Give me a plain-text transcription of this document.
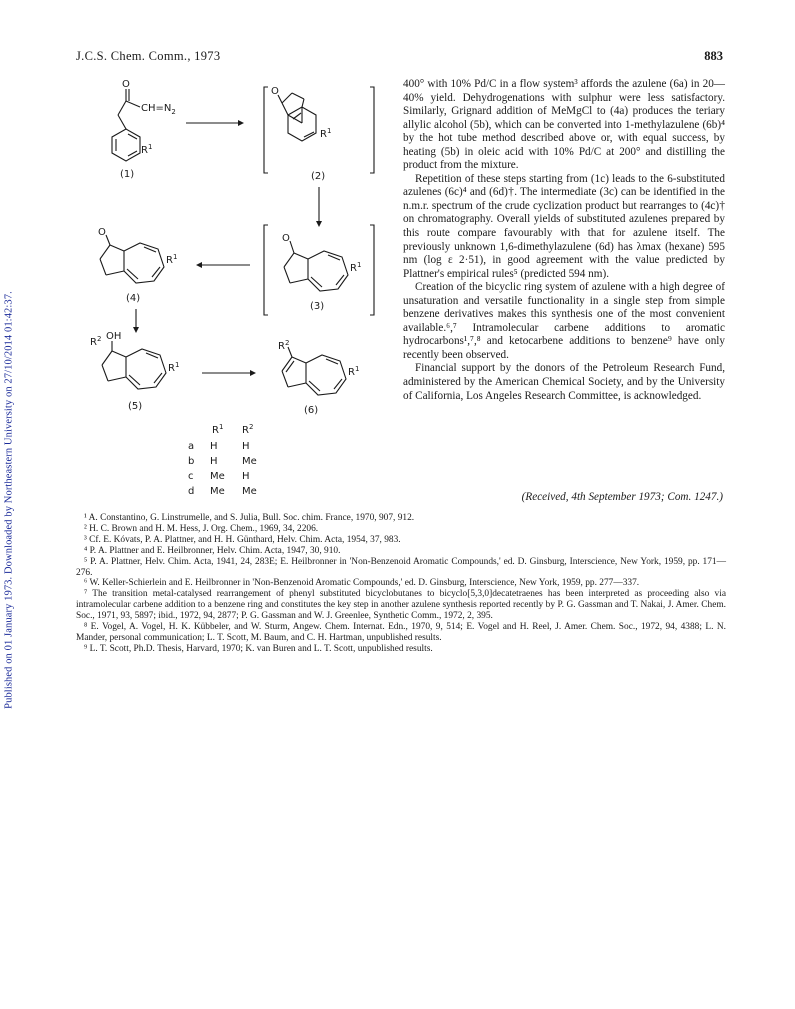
Published on 01 January 1973. Downloaded by Northeastern University on 27/10/2014 01:42:37.
J.C.S. Chem. Comm., 1973	883
O
$CH=N_2$
$R^1$
(1)
O
$R^1$
(2)
O
$R^1$
(3)
O
$R^1$
(4)
$R^2$ OH
$R^1$
(5)
$R^2$
$R^1$
(6)
$R^1$ $R^2$
a H H
b H Me
c Me H
d Me Me

400° with 10% Pd/C in a flow system³ affords the azulene (6a) in 20—40% yield. Dehydrogenations with sulphur were less satisfactory. Similarly, Grignard addition of MeMgCl to (4a) produces the teriary allylic alcohol (5b), which can be converted into 1-methylazulene (6b)⁴ by the hot tube method described above or, with equal success, by heating (5b) in oleic acid with 10% Pd/C at 200° and distilling the product from the mixture.

Repetition of these steps starting from (1c) leads to the 6-substituted azulenes (6c)⁴ and (6d)†. The intermediate (3c) can be identified in the n.m.r. spectrum of the crude cyclization product but rearranges to (4c)† on chromatography. Overall yields of substituted azulenes prepared by this route compare favourably with that for azulene itself. The previously unknown 1,6-dimethylazulene (6d) has λmax (hexane) 595 nm (log ε 2·51), in good agreement with the value predicted by Plattner's empirical rules⁵ (predicted 594 nm).

Creation of the bicyclic ring system of azulene with a high degree of unsaturation and versatile functionality in a single step from simple benzene derivatives makes this synthesis one of the most convenient available.⁶,⁷ Intramolecular carbene additions to aromatic hydrocarbons¹,⁷,⁸ and ketocarbene additions to benzene⁹ have only recently been observed.

Financial support by the donors of the Petroleum Research Fund, administered by the American Chemical Society, and by the University of California, Los Angeles Research Committee, is acknowledged.

(Received, 4th September 1973; Com. 1247.)

¹ A. Constantino, G. Linstrumelle, and S. Julia, Bull. Soc. chim. France, 1970, 907, 912.

² H. C. Brown and H. M. Hess, J. Org. Chem., 1969, 34, 2206.

³ Cf. E. Kóvats, P. A. Plattner, and H. H. Günthard, Helv. Chim. Acta, 1954, 37, 983.

⁴ P. A. Plattner and E. Heilbronner, Helv. Chim. Acta, 1947, 30, 910.

⁵ P. A. Plattner, Helv. Chim. Acta, 1941, 24, 283E; E. Heilbronner in 'Non-Benzenoid Aromatic Compounds,' ed. D. Ginsburg, Interscience, New York, 1959, pp. 171—276.

⁶ W. Keller-Schierlein and E. Heilbronner in 'Non-Benzenoid Aromatic Compounds,' ed. D. Ginsburg, Interscience, New York, 1959, pp. 277—337.

⁷ The transition metal-catalysed rearrangement of phenyl substituted bicyclobutanes to bicyclo[5,3,0]decatetraenes has been interpreted as proceeding also via intramolecular carbene addition to a benzene ring and constitutes the key step in another azulene synthesis reported recently by P. G. Gassman and T. Nakai, J. Amer. Chem. Soc., 1971, 93, 5897; ibid., 1972, 94, 2877; P. G. Gassman and W. J. Greenlee, Synthetic Comm., 1972, 2, 395.

⁸ E. Vogel, A. Vogel, H. K. Kübbeler, and W. Sturm, Angew. Chem. Internat. Edn., 1970, 9, 514; E. Vogel and H. Reel, J. Amer. Chem. Soc., 1972, 94, 4388; L. N. Mander, personal communication; L. T. Scott, M. Baum, and C. H. Hartman, unpublished results.

⁹ L. T. Scott, Ph.D. Thesis, Harvard, 1970; K. van Buren and L. T. Scott, unpublished results.
